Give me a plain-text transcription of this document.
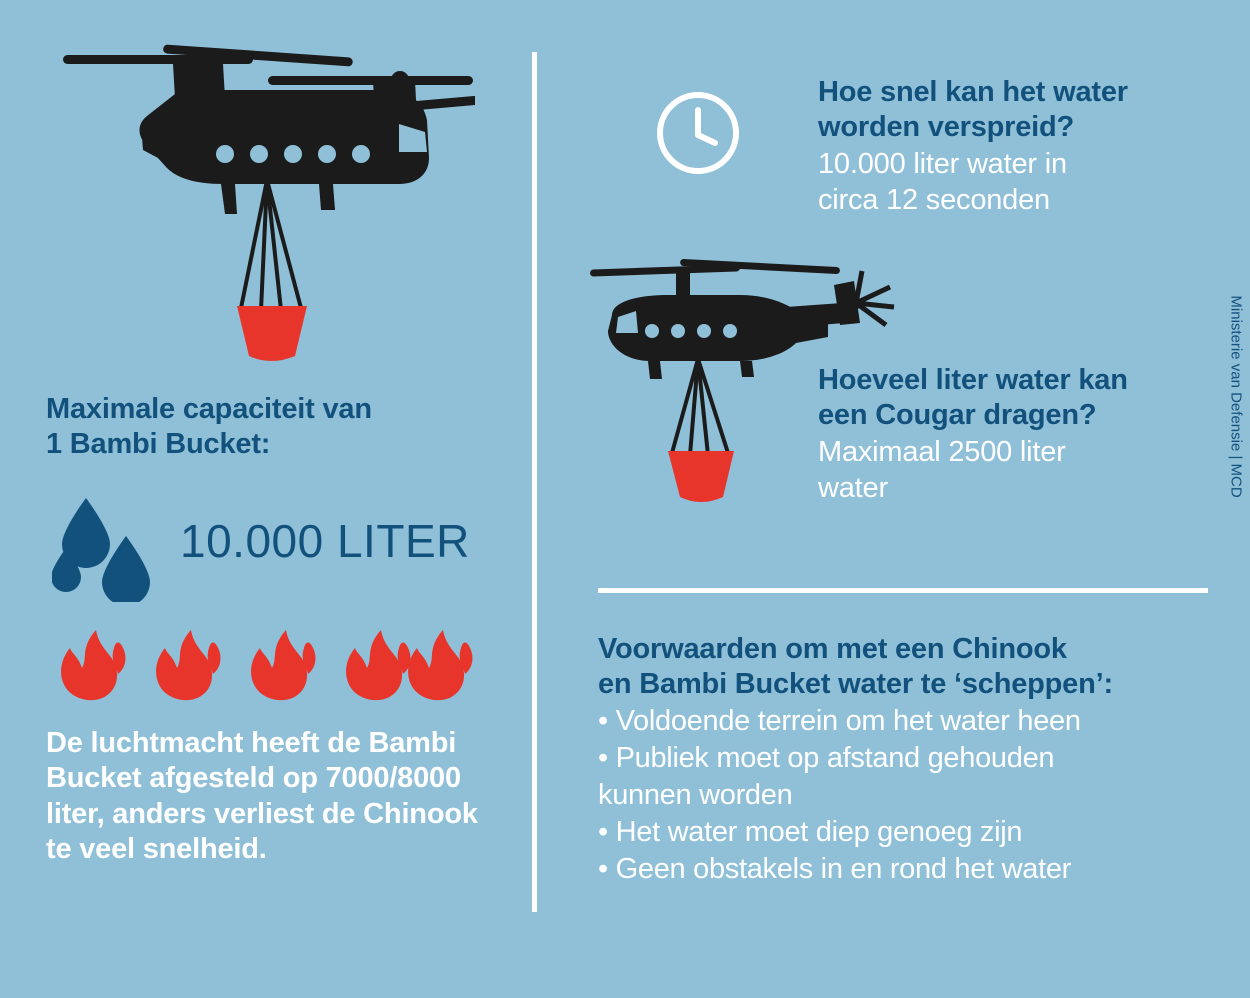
Maximale capaciteit van
1 Bambi Bucket:
10.000 LITER
De luchtmacht heeft de Bambi Bucket afgesteld op 7000/8000 liter, anders verliest de Chinook te veel snelheid.
Hoe snel kan het water
worden verspreid?
10.000 liter water in
circa 12 seconden
Hoeveel liter water kan
een Cougar dragen?
Maximaal 2500 liter
water
Voorwaarden om met een Chinook
en Bambi Bucket water te ‘scheppen’:
• Voldoende terrein om het water heen
• Publiek moet op afstand gehouden
kunnen worden
• Het water moet diep genoeg zijn
• Geen obstakels in en rond het water
Ministerie van Defensie | MCD
